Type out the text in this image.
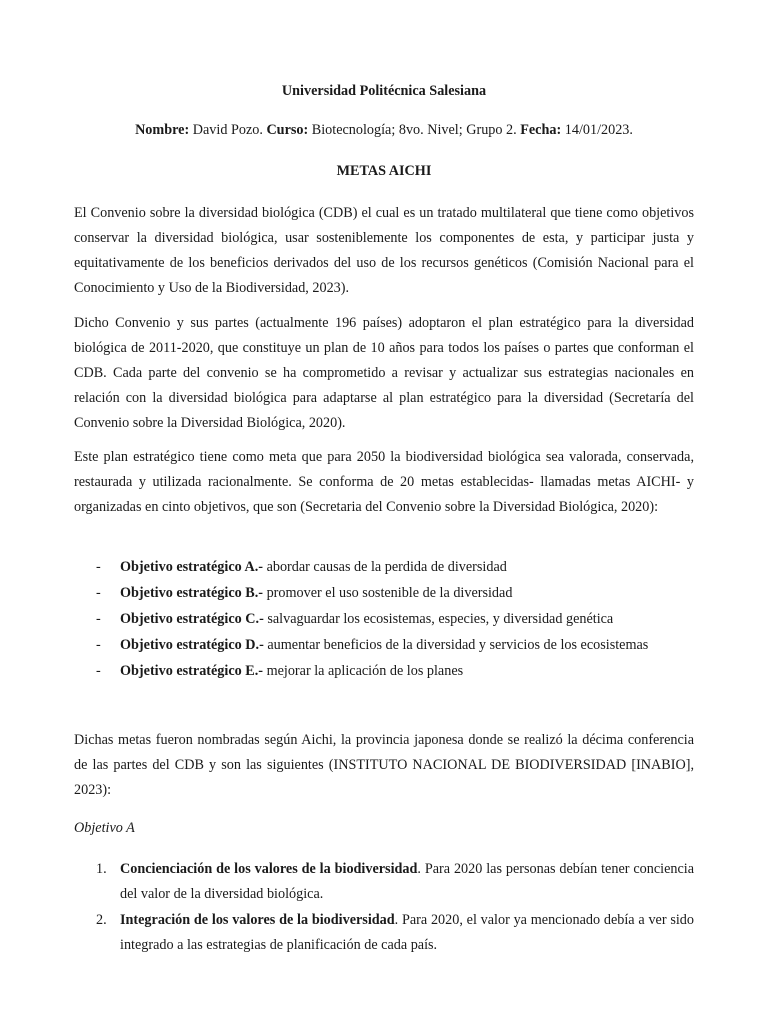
Universidad Politécnica Salesiana
Nombre: David Pozo. Curso: Biotecnología; 8vo. Nivel; Grupo 2. Fecha: 14/01/2023.
METAS AICHI

El Convenio sobre la diversidad biológica (CDB) el cual es un tratado multilateral que tiene como objetivos conservar la diversidad biológica, usar sosteniblemente los componentes de esta, y participar justa y equitativamente de los beneficios derivados del uso de los recursos genéticos (Comisión Nacional para el Conocimiento y Uso de la Biodiversidad, 2023).

Dicho Convenio y sus partes (actualmente 196 países) adoptaron el plan estratégico para la diversidad biológica de 2011-2020, que constituye un plan de 10 años para todos los países o partes que conforman el CDB. Cada parte del convenio se ha comprometido a revisar y actualizar sus estrategias nacionales en relación con la diversidad biológica para adaptarse al plan estratégico para la diversidad (Secretaría del Convenio sobre la Diversidad Biológica, 2020).

Este plan estratégico tiene como meta que para 2050 la biodiversidad biológica sea valorada, conservada, restaurada y utilizada racionalmente. Se conforma de 20 metas establecidas- llamadas metas AICHI- y organizadas en cinto objetivos, que son (Secretaria del Convenio sobre la Diversidad Biológica, 2020):

- Objetivo estratégico A.- abordar causas de la perdida de diversidad
- Objetivo estratégico B.- promover el uso sostenible de la diversidad
- Objetivo estratégico C.- salvaguardar los ecosistemas, especies, y diversidad genética
- Objetivo estratégico D.- aumentar beneficios de la diversidad y servicios de los ecosistemas
- Objetivo estratégico E.- mejorar la aplicación de los planes

Dichas metas fueron nombradas según Aichi, la provincia japonesa donde se realizó la décima conferencia de las partes del CDB y son las siguientes (INSTITUTO NACIONAL DE BIODIVERSIDAD [INABIO], 2023):

Objetivo A
1. Concienciación de los valores de la biodiversidad. Para 2020 las personas debían tener conciencia del valor de la diversidad biológica.
2. Integración de los valores de la biodiversidad. Para 2020, el valor ya mencionado debía a ver sido integrado a las estrategias de planificación de cada país.
